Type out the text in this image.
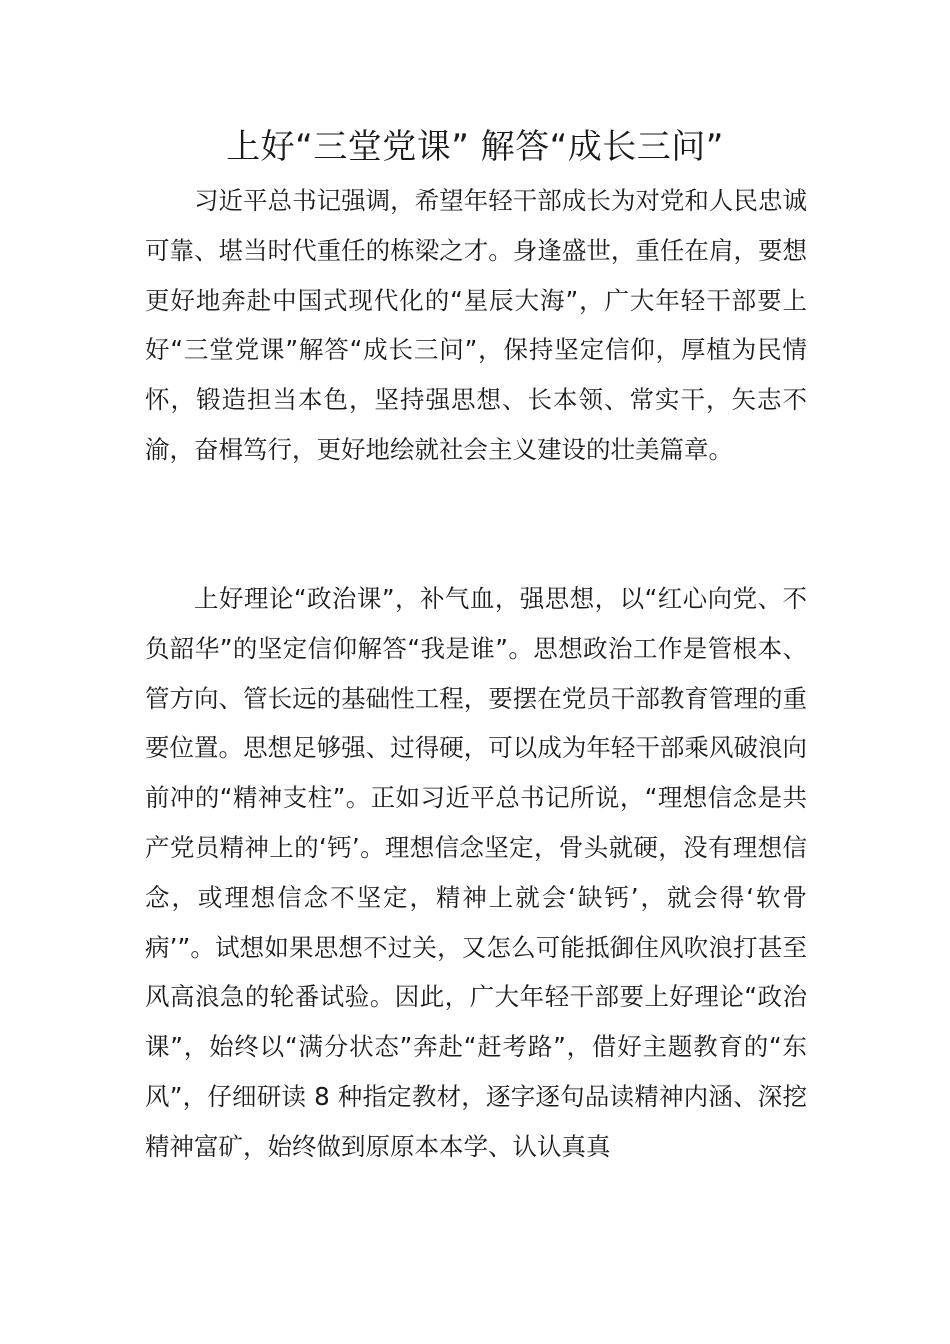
上好“三堂党课” 解答“成长三问”

习近平总书记强调，希望年轻干部成长为对党和人民忠诚可靠、堪当时代重任的栋梁之才。身逢盛世，重任在肩，要想更好地奔赴中国式现代化的“星辰大海”，广大年轻干部要上好“三堂党课”解答“成长三问”，保持坚定信仰，厚植为民情怀，锻造担当本色，坚持强思想、长本领、常实干，矢志不渝，奋楫笃行，更好地绘就社会主义建设的壮美篇章。

上好理论“政治课”，补气血，强思想，以“红心向党、不负韶华”的坚定信仰解答“我是谁”。思想政治工作是管根本、管方向、管长远的基础性工程，要摆在党员干部教育管理的重要位置。思想足够强、过得硬，可以成为年轻干部乘风破浪向前冲的“精神支柱”。正如习近平总书记所说，“理想信念是共产党员精神上的‘钙’。理想信念坚定，骨头就硬，没有理想信念，或理想信念不坚定，精神上就会‘缺钙’，就会得‘软骨病’”。试想如果思想不过关，又怎么可能抵御住风吹浪打甚至风高浪急的轮番试验。因此，广大年轻干部要上好理论“政治课”，始终以“满分状态”奔赴“赶考路”，借好主题教育的“东风”，仔细研读 8 种指定教材，逐字逐句品读精神内涵、深挖精神富矿，始终做到原原本本学、认认真真
